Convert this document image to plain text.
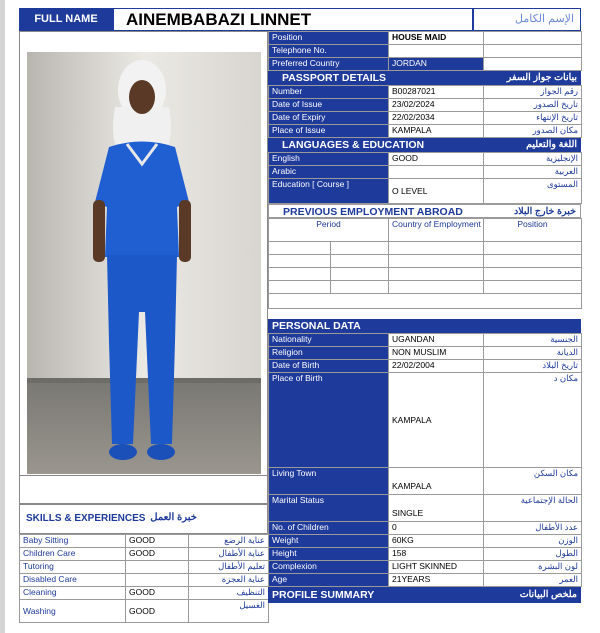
FULL NAME	AINEMBABAZI LINNET	الإسم الكامل
SKILLS & EXPERIENCES خبرة العمل
Baby Sitting	GOOD	عناية الرضع
Children Care	GOOD	عناية الأطفال
Tutoring		تعليم الأطفال
Disabled Care		عناية العجزة
Cleaning	GOOD	التنظيف
Washing	GOOD	الغسيل
Position	HOUSE MAID	
Telephone No.		
Preferred Country	JORDAN	
PASSPORT DETAILS	بيانات جواز السفر
Number	B00287021	رقم الجواز
Date of Issue	23/02/2024	تاريخ الصدور
Date of Expiry	22/02/2034	تاريخ الإنتهاء
Place of Issue	KAMPALA	مكان الصدور
LANGUAGES & EDUCATION	اللغة والتعليم
English	GOOD	الإنجليزية
Arabic		العربية
Education [ Course ]	O LEVEL	المستوى
PREVIOUS EMPLOYMENT ABROAD	خبرة خارج البلاد
Period		Country of Employment	Position

PERSONAL DATA
Nationality	UGANDAN	الجنسية
Religion	NON MUSLIM	الديانة
Date of Birth	22/02/2004	تاريخ البلاد
Place of Birth	KAMPALA	مكان د
Living Town	KAMPALA	مكان السكن
Marital Status	SINGLE	الحالة الإجتماعية
No. of Children	0	عدد الأطفال
Weight	60KG	الوزن
Height	158	الطول
Complexion	LIGHT SKINNED	لون البشرة
Age	21YEARS	العمر
PROFILE SUMMARY	ملخص البيانات
